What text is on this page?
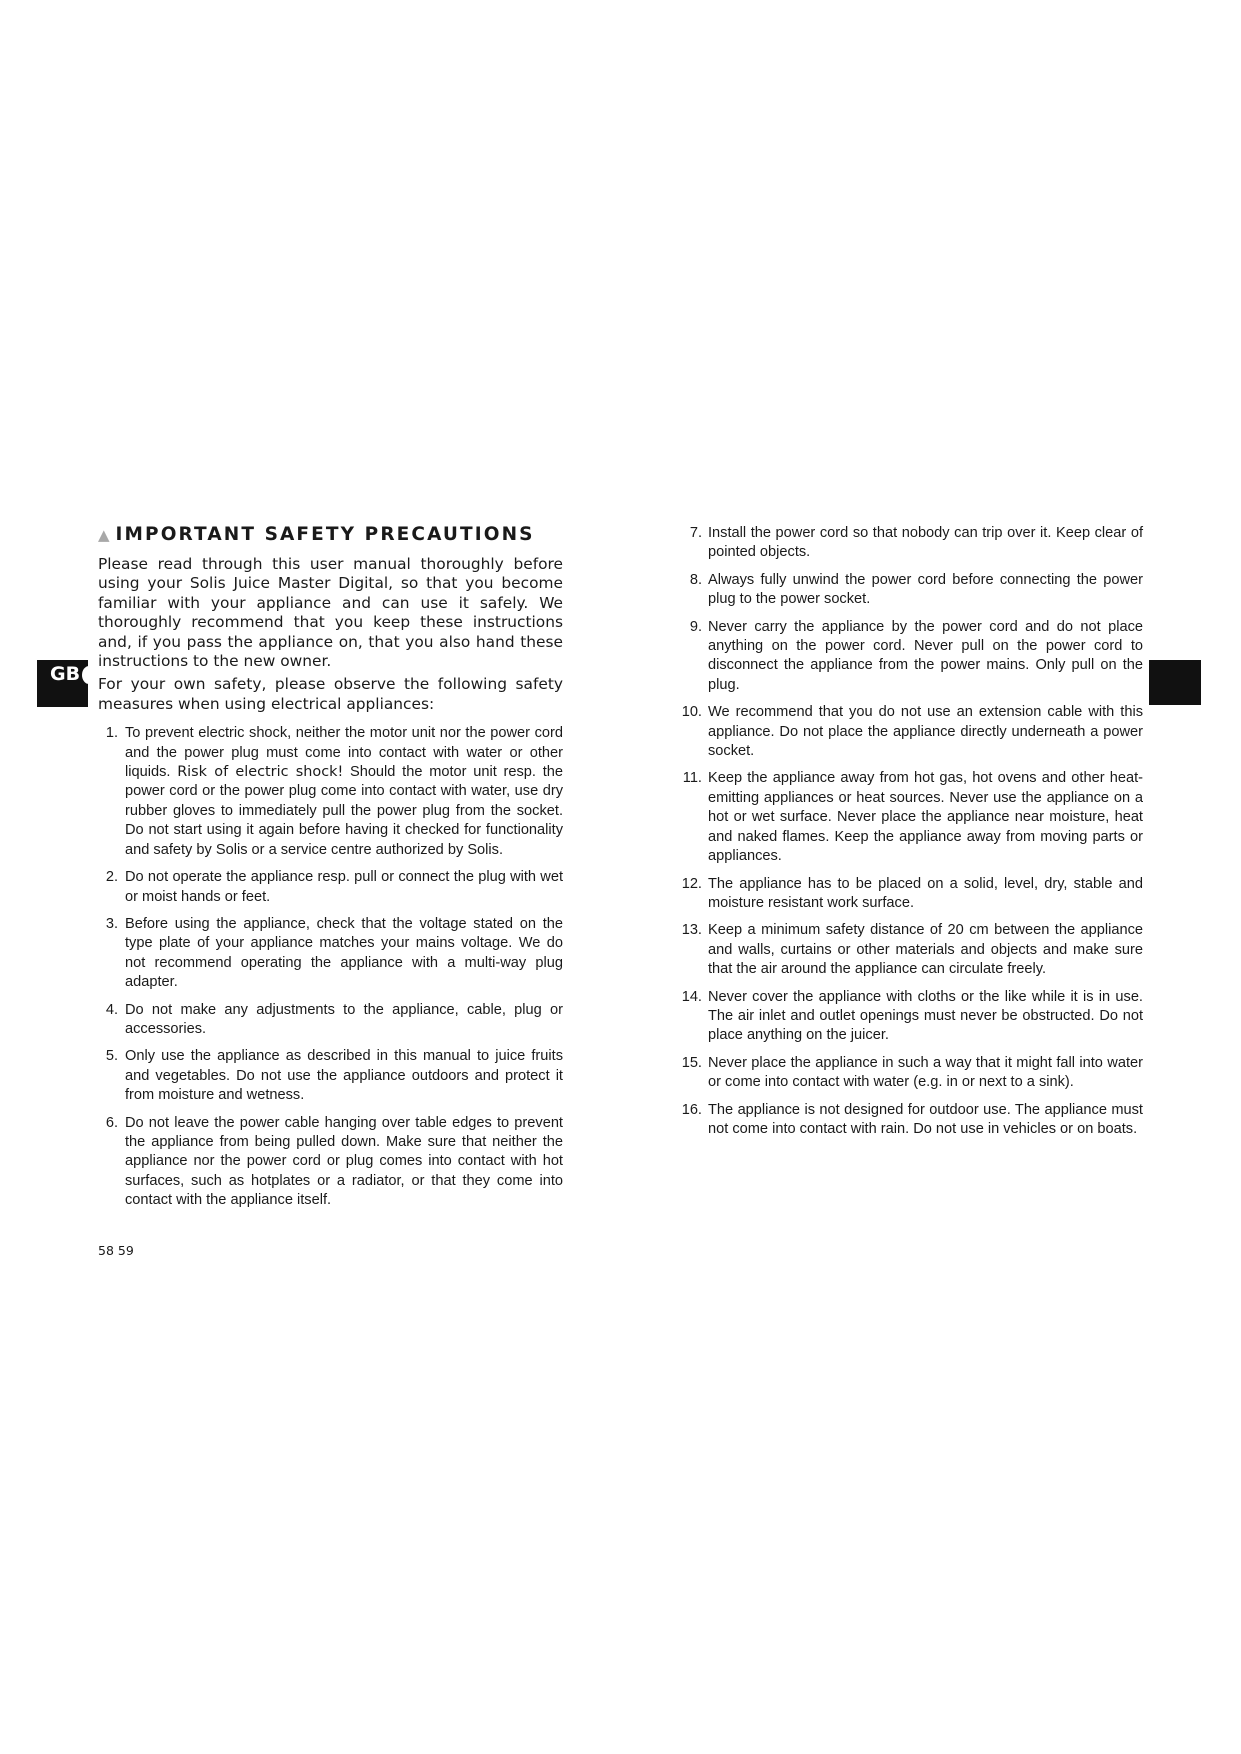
GB
▲ IMPORTANT SAFETY PRECAUTIONS

Please read through this user manual thoroughly before using your Solis Juice Master Digital, so that you become familiar with your appliance and can use it safely. We thoroughly recommend that you keep these instructions and, if you pass the appliance on, that you also hand these instructions to the new owner.

For your own safety, please observe the following safety measures when using electrical appliances:

1. To prevent electric shock, neither the motor unit nor the power cord and the power plug must come into contact with water or other liquids. Risk of electric shock! Should the motor unit resp. the power cord or the power plug come into contact with water, use dry rubber gloves to immediately pull the power plug from the socket. Do not start using it again before having it checked for functionality and safety by Solis or a service centre authorized by Solis.
2. Do not operate the appliance resp. pull or connect the plug with wet or moist hands or feet.
3. Before using the appliance, check that the voltage stated on the type plate of your appliance matches your mains voltage. We do not recommend operating the appliance with a multi-way plug adapter.
4. Do not make any adjustments to the appliance, cable, plug or accessories.
5. Only use the appliance as described in this manual to juice fruits and vegetables. Do not use the appliance outdoors and protect it from moisture and wetness.
6. Do not leave the power cable hanging over table edges to prevent the appliance from being pulled down. Make sure that neither the appliance nor the power cord or plug comes into contact with hot surfaces, such as hotplates or a radiator, or that they come into contact with the appliance itself.
7. Install the power cord so that nobody can trip over it. Keep clear of pointed objects.
8. Always fully unwind the power cord before connecting the power plug to the power socket.
9. Never carry the appliance by the power cord and do not place anything on the power cord. Never pull on the power cord to disconnect the appliance from the power mains. Only pull on the plug.
10. We recommend that you do not use an extension cable with this appliance. Do not place the appliance directly underneath a power socket.
11. Keep the appliance away from hot gas, hot ovens and other heat-emitting appliances or heat sources. Never use the appliance on a hot or wet surface. Never place the appliance near moisture, heat and naked flames. Keep the appliance away from moving parts or appliances.
12. The appliance has to be placed on a solid, level, dry, stable and moisture resistant work surface.
13. Keep a minimum safety distance of 20 cm between the appliance and walls, curtains or other materials and objects and make sure that the air around the appliance can circulate freely.
14. Never cover the appliance with cloths or the like while it is in use. The air inlet and outlet openings must never be obstructed. Do not place anything on the juicer.
15. Never place the appliance in such a way that it might fall into water or come into contact with water (e.g. in or next to a sink).
16. The appliance is not designed for outdoor use. The appliance must not come into contact with rain. Do not use in vehicles or on boats.
58 59
